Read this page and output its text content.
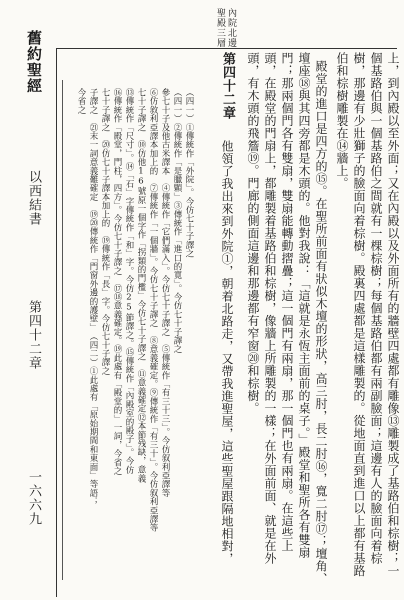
內院北邊
聖殿三層
舊約聖經
以西結書
第四十二章
一六六九	上，到內殿以至外面；又在內殿以及外面所有的牆壁四處都有雕像⑬雕製成了基路伯和棕樹；一
個基路伯與一個基路伯之間就有一棵棕樹；每個基路伯都有兩副臉面；這邊有人的臉面向着棕
樹，那邊有少壯獅子的臉面向着棕樹。殿裏四處都是這樣雕製的。從地面直到進口以上都有基路
伯和棕樹雕製在⑭牆上。
殿堂的進口是四方的⑮。在聖所前面有狀似木壇的形狀，高三肘，長二肘⑯，寬二肘⑰；壇角、
壇座⑱與其四旁都是木頭的。他對我說：「這就是永恆主面前的桌子。」殿堂和聖所各有雙扇
門；那兩個門各有雙扇，雙扇能轉動摺疊；這一個門有兩扇，那一個門也有兩扇。在這些上
頭，在殿堂的門扇上，都雕製着基路伯和棕樹，像牆上所雕製的一樣；在外面前面、就是在外
頭，有木頭的飛簷⑲。門廊的側面這邊和那邊都有窄窗⑳和棕樹。
第四十二章
他領了我出來到外院①，朝着北路走，又帶我進聖屋，這些聖屋跟隔地相對，
（四一）②傳統作「是臘顆」③傳統作「進口的寬」。今仿七十子譯之
參七十子及他古米譯本　④傳統作「它們滿入」。今仿七十子譯之　⑤傳統作「有三十三」。今仿叙利亞譯等
⑥仿敘利亞譯本加上的　⑦傳統作「一個牆」。今仿七十子譯之　⑧意義確定。⑨傳統作「有三十」。今仿叙利亞譯等
七十子譯之　⑩仿他16號原一個字作「拐類的門檻」今仿七十子譯之　⑪意義確定⑫本節残缺，意義
⑬傳統作「尺寸」。⑭「石」字傳統作「和」字。今仿25節譯之。⑮傳統作「內殿室的殿子」。今仿
⑯傳統作「殿堂，門柱，四方」。今仿七十子譯之　⑰⑱意義確定。⑲此處有「殿堂的」一詞，今省之
七十子譯之　⑳仿七十子譯本加上的　⑲傳統作「長」字。今仿七十子譯之
子譯之　㉑末一詞意義難確定　⑲⑳傳統作「門窗外邊的護壁」　（四二）①此處有「原始期間和東面」等語；
今省之	（四一）①傳統作「外院」。今仿七十子譯之
